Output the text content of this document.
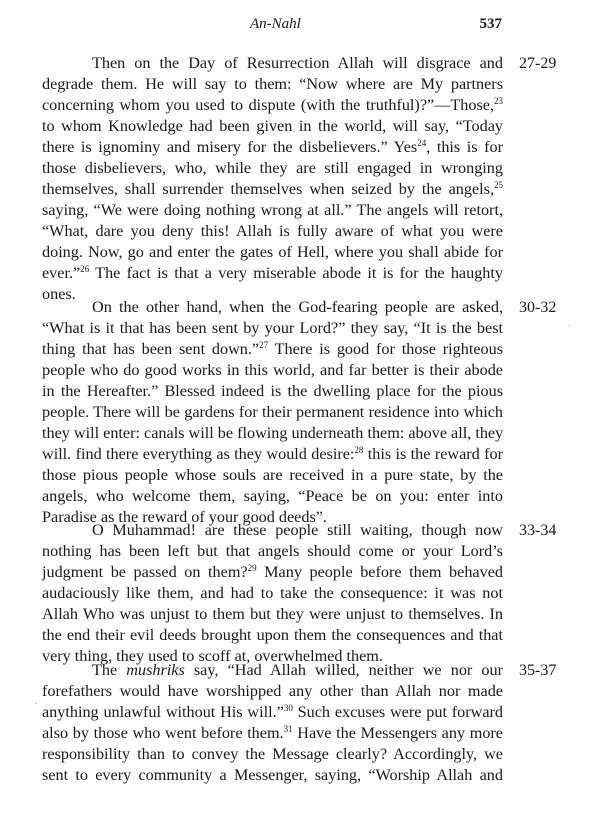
An-Nahl	537
Then on the Day of Resurrection Allah will disgrace and
degrade them. He will say to them: “Now where are My partners
concerning whom you used to dispute (with the truthful)?”—Those,$^{23}$
to whom Knowledge had been given in the world, will say, “Today
there is ignominy and misery for the disbelievers.” Yes$^{24}$, this is for
those disbelievers, who, while they are still engaged in wronging
themselves, shall surrender themselves when seized by the angels,$^{25}$
saying, “We were doing nothing wrong at all.” The angels will retort,
“What, dare you deny this! Allah is fully aware of what you were
doing. Now, go and enter the gates of Hell, where you shall abide for
ever.”$^{26}$ The fact is that a very miserable abode it is for the haughty
ones.
27-29
On the other hand, when the God-fearing people are asked,
“What is it that has been sent by your Lord?” they say, “It is the best
thing that has been sent down.”$^{27}$ There is good for those righteous
people who do good works in this world, and far better is their abode
in the Hereafter.” Blessed indeed is the dwelling place for the pious
people. There will be gardens for their permanent residence into which
they will enter: canals will be flowing underneath them: above all, they
will. find there everything as they would desire:$^{28}$ this is the reward for
those pious people whose souls are received in a pure state, by the
angels, who welcome them, saying, “Peace be on you: enter into
Paradise as the reward of your good deeds”.
30-32
O Muhammad! are these people still waiting, though now
nothing has been left but that angels should come or your Lord’s
judgment be passed on them?$^{29}$ Many people before them behaved
audaciously like them, and had to take the consequence: it was not
Allah Who was unjust to them but they were unjust to themselves. In
the end their evil deeds brought upon them the consequences and that
very thing, they used to scoff at, overwhelmed them.
33-34
The mushriks say, “Had Allah willed, neither we nor our
forefathers would have worshipped any other than Allah nor made
anything unlawful without His will.”$^{30}$ Such excuses were put forward
also by those who went before them.$^{31}$ Have the Messengers any more
responsibility than to convey the Message clearly? Accordingly, we
sent to every community a Messenger, saying, “Worship Allah and
35-37
·
·
